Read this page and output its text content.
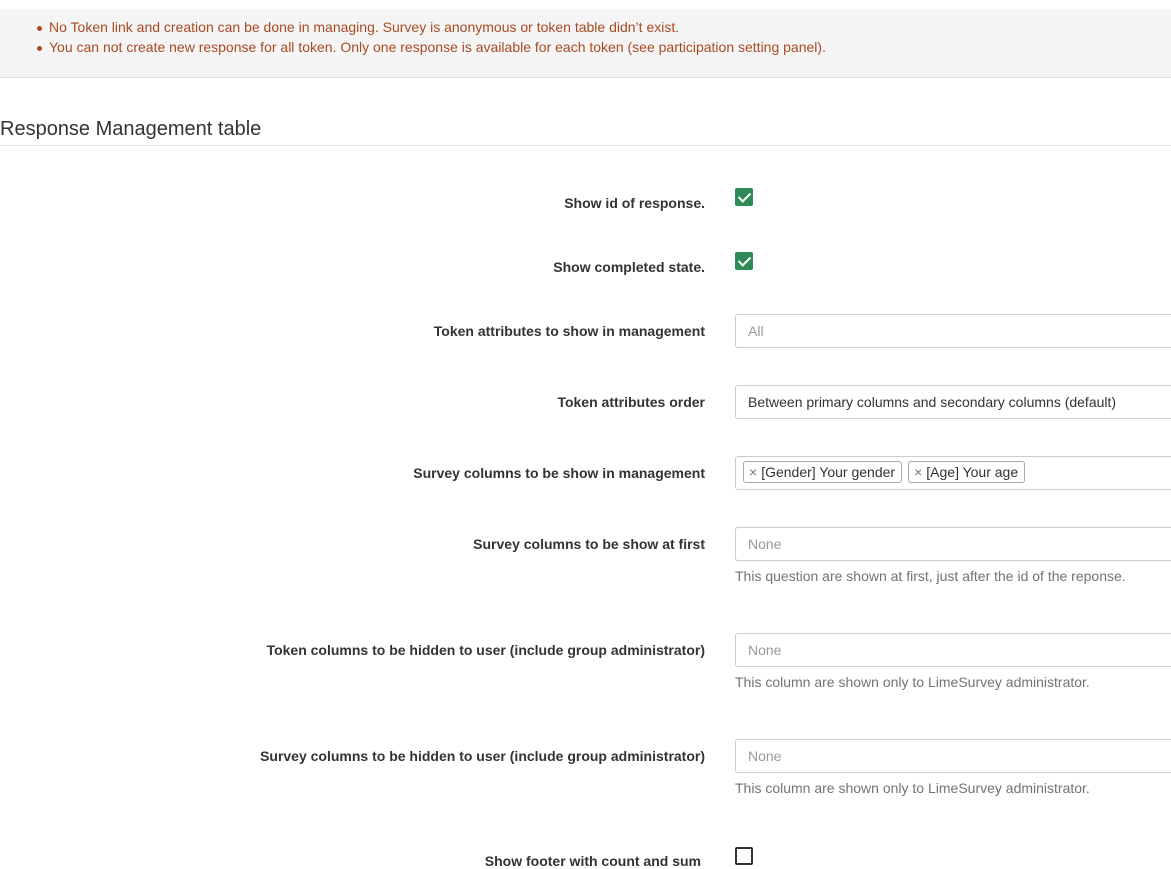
No Token link and creation can be done in managing. Survey is anonymous or token table didn’t exist.
You can not create new response for all token. Only one response is available for each token (see participation setting panel).
Response Management table
Show id of response.
Show completed state.
Token attributes to show in management	All
Token attributes order	Between primary columns and secondary columns (default)
Survey columns to be show in management	× [Gender] Your gender × [Age] Your age
Survey columns to be show at first	None
This question are shown at first, just after the id of the reponse.
Token columns to be hidden to user (include group administrator)	None
This column are shown only to LimeSurvey administrator.
Survey columns to be hidden to user (include group administrator)	None
This column are shown only to LimeSurvey administrator.
Show footer with count and sum
